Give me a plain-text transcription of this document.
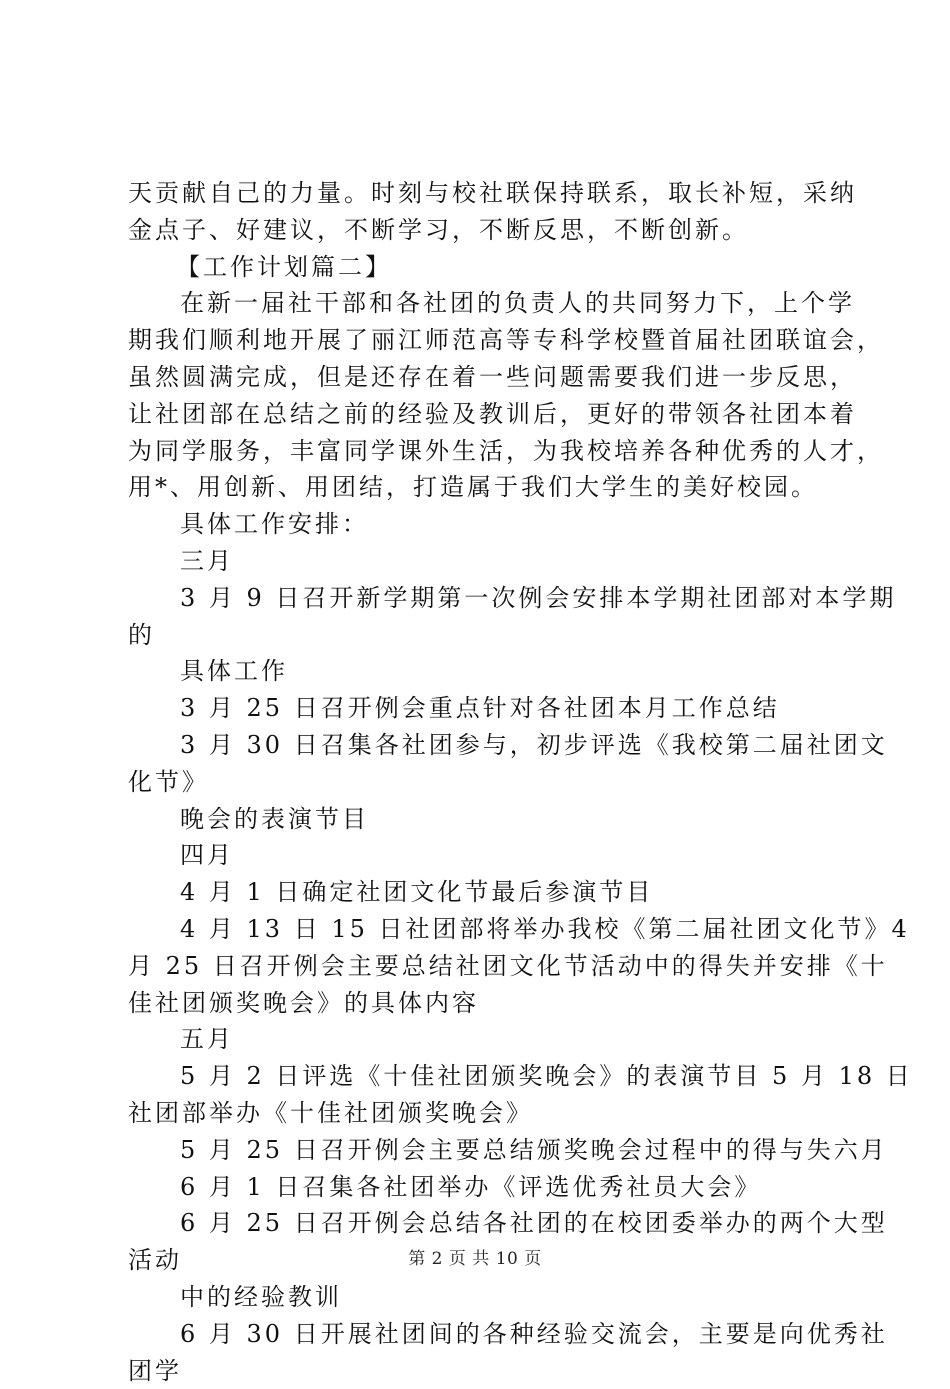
天贡献自己的力量。时刻与校社联保持联系，取长补短，采纳
金点子、好建议，不断学习，不断反思，不断创新。
【工作计划篇二】
在新一届社干部和各社团的负责人的共同努力下，上个学
期我们顺利地开展了丽江师范高等专科学校暨首届社团联谊会，
虽然圆满完成，但是还存在着一些问题需要我们进一步反思，
让社团部在总结之前的经验及教训后，更好的带领各社团本着
为同学服务，丰富同学课外生活，为我校培养各种优秀的人才，
用*、用创新、用团结，打造属于我们大学生的美好校园。
具体工作安排：
三月
3 月 9 日召开新学期第一次例会安排本学期社团部对本学期
的
具体工作
3 月 25 日召开例会重点针对各社团本月工作总结
3 月 30 日召集各社团参与，初步评选《我校第二届社团文
化节》
晚会的表演节目
四月
4 月 1 日确定社团文化节最后参演节目
4 月 13 日 15 日社团部将举办我校《第二届社团文化节》4
月 25 日召开例会主要总结社团文化节活动中的得失并安排《十
佳社团颁奖晚会》的具体内容
五月
5 月 2 日评选《十佳社团颁奖晚会》的表演节目 5 月 18 日
社团部举办《十佳社团颁奖晚会》
5 月 25 日召开例会主要总结颁奖晚会过程中的得与失六月
6 月 1 日召集各社团举办《评选优秀社员大会》
6 月 25 日召开例会总结各社团的在校团委举办的两个大型
活动
中的经验教训
6 月 30 日开展社团间的各种经验交流会，主要是向优秀社
团学
第 2 页 共 10 页
